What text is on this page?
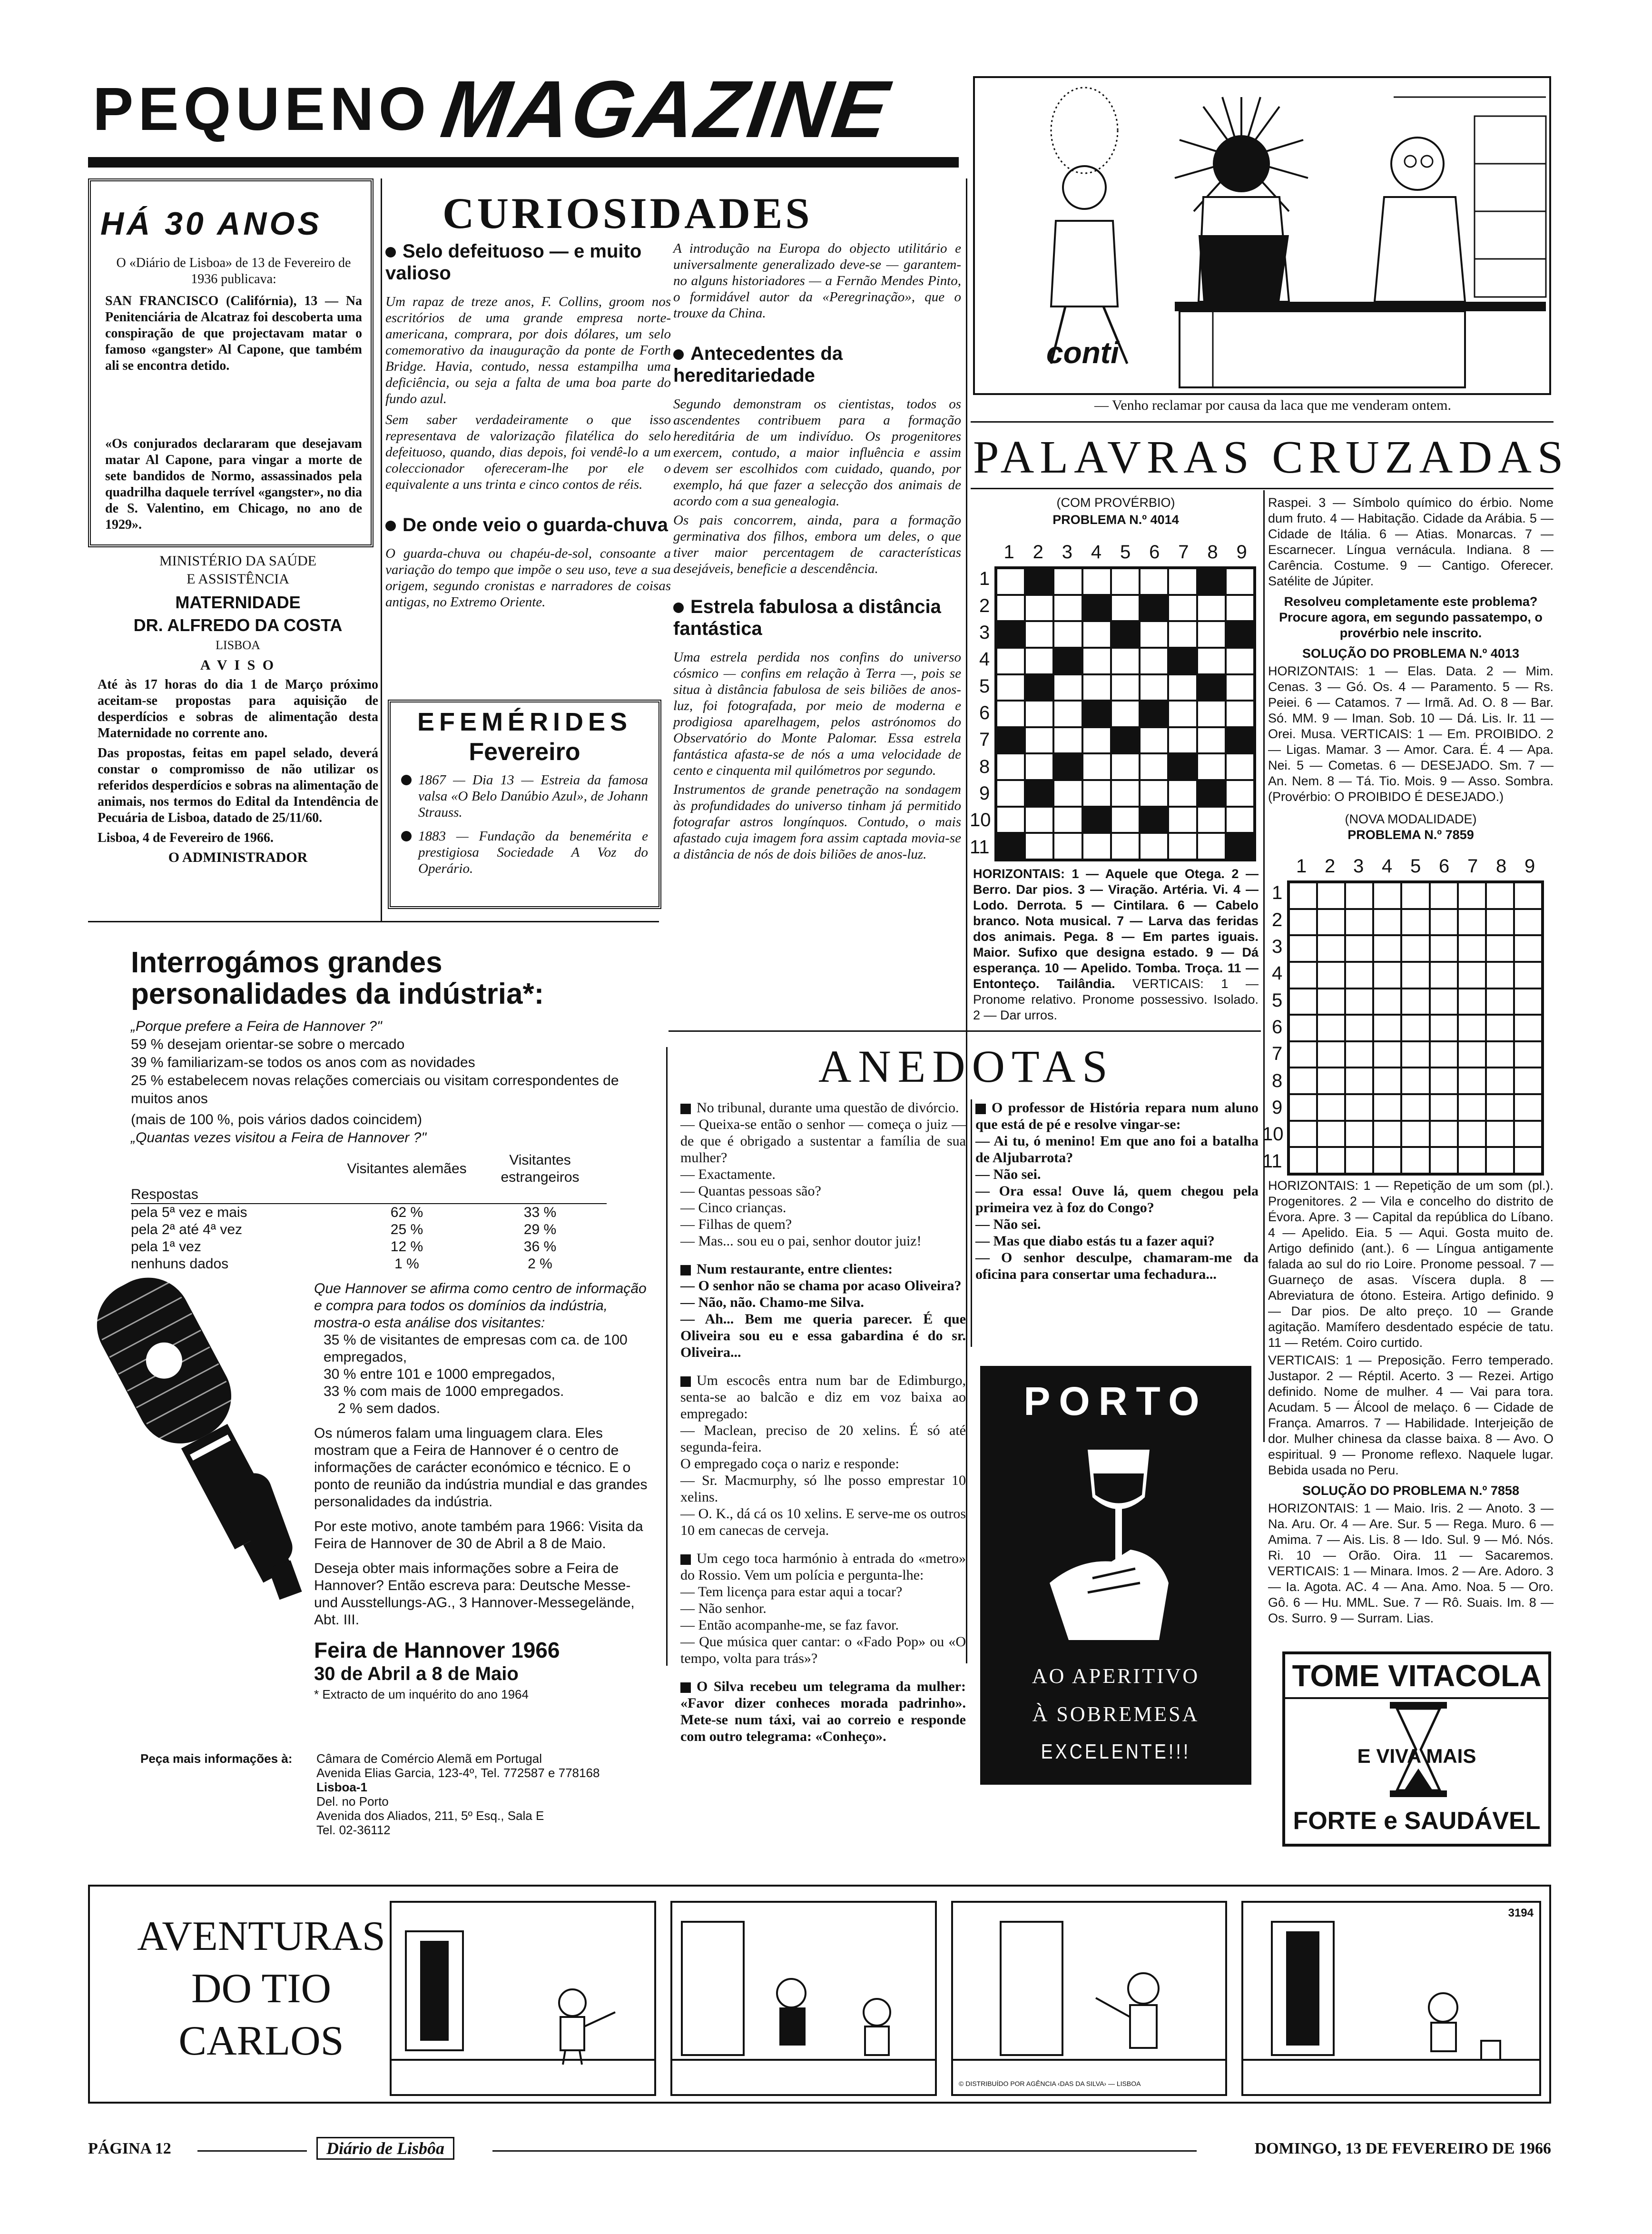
PEQUENO MAGAZINE
HÁ 30 ANOS
O «Diário de Lisboa» de 13 de Fevereiro de 1936 publicava:
SAN FRANCISCO (Califórnia), 13 — Na Penitenciária de Alcatraz foi descoberta uma conspiração de que projectavam matar o famoso «gangster» Al Capone, que também ali se encontra detido.
«Os conjurados declararam que desejavam matar Al Capone, para vingar a morte de sete bandidos de Normo, assassinados pela quadrilha daquele terrível «gangster», no dia de S. Valentino, em Chicago, no ano de 1929».
MINISTÉRIO DA SAÚDE
E ASSISTÊNCIA
MATERNIDADE
DR. ALFREDO DA COSTA
LISBOA
A V I S O
Até às 17 horas do dia 1 de Março próximo aceitam-se propostas para aquisição de desperdícios e sobras de alimentação desta Maternidade no corrente ano.
Das propostas, feitas em papel selado, deverá constar o compromisso de não utilizar os referidos desperdícios e sobras na alimentação de animais, nos termos do Edital da Intendência de Pecuária de Lisboa, datado de 25/11/60.
Lisboa, 4 de Fevereiro de 1966.
O ADMINISTRADOR
CURIOSIDADES
Selo defeituoso — e muito valioso
Um rapaz de treze anos, F. Collins, groom nos escritórios de uma grande empresa norte-americana, comprara, por dois dólares, um selo comemorativo da inauguração da ponte de Forth Bridge. Havia, contudo, nessa estampilha uma deficiência, ou seja a falta de uma boa parte do fundo azul.
Sem saber verdadeiramente o que isso representava de valorização filatélica do selo defeituoso, quando, dias depois, foi vendê-lo a um coleccionador ofereceram-lhe por ele o equivalente a uns trinta e cinco contos de réis.
De onde veio o guarda-chuva
O guarda-chuva ou chapéu-de-sol, consoante a variação do tempo que impõe o seu uso, teve a sua origem, segundo cronistas e narradores de coisas antigas, no Extremo Oriente.
A introdução na Europa do objecto utilitário e universalmente generalizado deve-se — garantem-no alguns historiadores — a Fernão Mendes Pinto, o formidável autor da «Peregrinação», que o trouxe da China.
Antecedentes da hereditariedade
Segundo demonstram os cientistas, todos os ascendentes contribuem para a formação hereditária de um indivíduo. Os progenitores exercem, contudo, a maior influência e assim devem ser escolhidos com cuidado, quando, por exemplo, há que fazer a selecção dos animais de acordo com a sua genealogia.
Os pais concorrem, ainda, para a formação germinativa dos filhos, embora um deles, o que tiver maior percentagem de características desejáveis, beneficie a descendência.
Estrela fabulosa a distância fantástica
Uma estrela perdida nos confins do universo cósmico — confins em relação à Terra —, pois se situa à distância fabulosa de seis biliões de anos-luz, foi fotografada, por meio de moderna e prodigiosa aparelhagem, pelos astrónomos do Observatório do Monte Palomar. Essa estrela fantástica afasta-se de nós a uma velocidade de cento e cinquenta mil quilómetros por segundo.
Instrumentos de grande penetração na sondagem às profundidades do universo tinham já permitido fotografar astros longínquos. Contudo, o mais afastado cuja imagem fora assim captada movia-se a distância de nós de dois biliões de anos-luz.
EFEMÉRIDES
Fevereiro
1867 — Dia 13 — Estreia da famosa valsa «O Belo Danúbio Azul», de Johann Strauss.
1883 — Fundação da benemérita e prestigiosa Sociedade A Voz do Operário.
conti
— Venho reclamar por causa da laca que me venderam ontem.
PALAVRAS CRUZADAS
(COM PROVÉRBIO)
PROBLEMA N.º 4014
1 2 3 4 5 6 7 8 9
1
2
3
4
5
6
7
8
9
10
11
HORIZONTAIS: 1 — Aquele que Otega. 2 — Berro. Dar pios. 3 — Viração. Artéria. Vi. 4 — Lodo. Derrota. 5 — Cintilara. 6 — Cabelo branco. Nota musical. 7 — Larva das feridas dos animais. Pega. 8 — Em partes iguais. Maior. Sufixo que designa estado. 9 — Dá esperança. 10 — Apelido. Tomba. Troça. 11 — Entonteço. Tailândia. VERTICAIS: 1 — Pronome relativo. Pronome possessivo. Isolado. 2 — Dar urros.
Raspei. 3 — Símbolo químico do érbio. Nome dum fruto. 4 — Habitação. Cidade da Arábia. 5 — Cidade de Itália. 6 — Atias. Monarcas. 7 — Escarnecer. Língua vernácula. Indiana. 8 — Carência. Costume. 9 — Cantigo. Oferecer. Satélite de Júpiter.
Resolveu completamente este problema? Procure agora, em segundo passatempo, o provérbio nele inscrito.
SOLUÇÃO DO PROBLEMA N.º 4013
HORIZONTAIS: 1 — Elas. Data. 2 — Mim. Cenas. 3 — Gó. Os. 4 — Paramento. 5 — Rs. Peiei. 6 — Catamos. 7 — Irmã. Ad. O. 8 — Bar. Só. MM. 9 — Iman. Sob. 10 — Dá. Lis. Ir. 11 — Orei. Musa. VERTICAIS: 1 — Em. PROIBIDO. 2 — Ligas. Mamar. 3 — Amor. Cara. É. 4 — Apa. Nei. 5 — Cometas. 6 — DESEJADO. Sm. 7 — An. Nem. 8 — Tá. Tio. Mois. 9 — Asso. Sombra. (Provérbio: O PROIBIDO É DESEJADO.)
(NOVA MODALIDADE)
PROBLEMA N.º 7859
1 2 3 4 5 6 7 8 9
1
2
3
4
5
6
7
8
9
10
11
HORIZONTAIS: 1 — Repetição de um som (pl.). Progenitores. 2 — Vila e concelho do distrito de Évora. Apre. 3 — Capital da república do Líbano. 4 — Apelido. Eia. 5 — Aqui. Gosta muito de. Artigo definido (ant.). 6 — Língua antigamente falada ao sul do rio Loire. Pronome pessoal. 7 — Guarneço de asas. Víscera dupla. 8 — Abreviatura de ótono. Esteira. Artigo definido. 9 — Dar pios. De alto preço. 10 — Grande agitação. Mamífero desdentado espécie de tatu. 11 — Retém. Coiro curtido.
VERTICAIS: 1 — Preposição. Ferro temperado. Justapor. 2 — Réptil. Acerto. 3 — Rezei. Artigo definido. Nome de mulher. 4 — Vai para tora. Acudam. 5 — Álcool de melaço. 6 — Cidade de França. Amarros. 7 — Habilidade. Interjeição de dor. Mulher chinesa da classe baixa. 8 — Avo. O espiritual. 9 — Pronome reflexo. Naquele lugar. Bebida usada no Peru.
SOLUÇÃO DO PROBLEMA N.º 7858
HORIZONTAIS: 1 — Maio. Iris. 2 — Anoto. 3 — Na. Aru. Or. 4 — Are. Sur. 5 — Rega. Muro. 6 — Amima. 7 — Ais. Lis. 8 — Ido. Sul. 9 — Mó. Nós. Ri. 10 — Orão. Oira. 11 — Sacaremos. VERTICAIS: 1 — Minara. Imos. 2 — Are. Adoro. 3 — Ia. Agota. AC. 4 — Ana. Amo. Noa. 5 — Oro. Gô. 6 — Hu. MML. Sue. 7 — Rô. Suais. Im. 8 — Os. Surro. 9 — Surram. Lias.
TOME VITACOLA
E VIVA MAIS
FORTE e SAUDÁVEL
Interrogámos grandes
personalidades da indústria*:
„Porque prefere a Feira de Hannover ?"
59 % desejam orientar-se sobre o mercado
39 % familiarizam-se todos os anos com as novidades
25 % estabelecem novas relações comerciais ou visitam correspondentes de muitos anos
(mais de 100 %, pois vários dados coincidem)
„Quantas vezes visitou a Feira de Hannover ?"
	Visitantes alemães	Visitantes estrangeiros
Respostas		
pela 5ª vez e mais	62 %	33 %
pela 2ª até 4ª vez	25 %	29 %
pela 1ª vez	12 %	36 %
nenhuns dados	1 %	2 %
Que Hannover se afirma como centro de informação e compra para todos os domínios da indústria, mostra-o esta análise dos visitantes:
35 % de visitantes de empresas com ca. de 100 empregados,
30 % entre 101 e 1000 empregados,
33 % com mais de 1000 empregados.
2 % sem dados.
Os números falam uma linguagem clara. Eles mostram que a Feira de Hannover é o centro de informações de carácter económico e técnico. E o ponto de reunião da indústria mundial e das grandes personalidades da indústria.
Por este motivo, anote também para 1966: Visita da Feira de Hannover de 30 de Abril a 8 de Maio.
Deseja obter mais informações sobre a Feira de Hannover? Então escreva para: Deutsche Messe- und Ausstellungs-AG., 3 Hannover-Messegelände, Abt. III.
Feira de Hannover 1966
30 de Abril a 8 de Maio
* Extracto de um inquérito do ano 1964
Peça mais informações à: Câmara de Comércio Alemã em Portugal
Avenida Elias Garcia, 123-4º, Tel. 772587 e 778168
Lisboa-1
Del. no Porto
Avenida dos Aliados, 211, 5º Esq., Sala E
Tel. 02-36112
ANEDOTAS
No tribunal, durante uma questão de divórcio.
— Queixa-se então o senhor — começa o juiz — de que é obrigado a sustentar a família de sua mulher?
— Exactamente.
— Quantas pessoas são?
— Cinco crianças.
— Filhas de quem?
— Mas... sou eu o pai, senhor doutor juiz!
Num restaurante, entre clientes:
— O senhor não se chama por acaso Oliveira?
— Não, não. Chamo-me Silva.
— Ah... Bem me queria parecer. É que Oliveira sou eu e essa gabardina é do sr. Oliveira...
Um escocês entra num bar de Edimburgo, senta-se ao balcão e diz em voz baixa ao empregado:
— Maclean, preciso de 20 xelins. É só até segunda-feira.
O empregado coça o nariz e responde:
— Sr. Macmurphy, só lhe posso emprestar 10 xelins.
— O. K., dá cá os 10 xelins. E serve-me os outros 10 em canecas de cerveja.
Um cego toca harmónio à entrada do «metro» do Rossio. Vem um polícia e pergunta-lhe:
— Tem licença para estar aqui a tocar?
— Não senhor.
— Então acompanhe-me, se faz favor.
— Que música quer cantar: o «Fado Pop» ou «O tempo, volta para trás»?
O Silva recebeu um telegrama da mulher: «Favor dizer conheces morada padrinho». Mete-se num táxi, vai ao correio e responde com outro telegrama: «Conheço».
O professor de História repara num aluno que está de pé e resolve vingar-se:
— Ai tu, ó menino! Em que ano foi a batalha de Aljubarrota?
— Não sei.
— Ora essa! Ouve lá, quem chegou pela primeira vez à foz do Congo?
— Não sei.
— Mas que diabo estás tu a fazer aqui?
— O senhor desculpe, chamaram-me da oficina para consertar uma fechadura...
PORTO
AO APERITIVO
À SOBREMESA
EXCELENTE!!!
AVENTURAS
DO TIO
CARLOS
© DISTRIBUÍDO POR AGÊNCIA ‹DAS DA SILVA› — LISBOA
3194
PÁGINA 12	Diário de Lisbôa	DOMINGO, 13 DE FEVEREIRO DE 1966
